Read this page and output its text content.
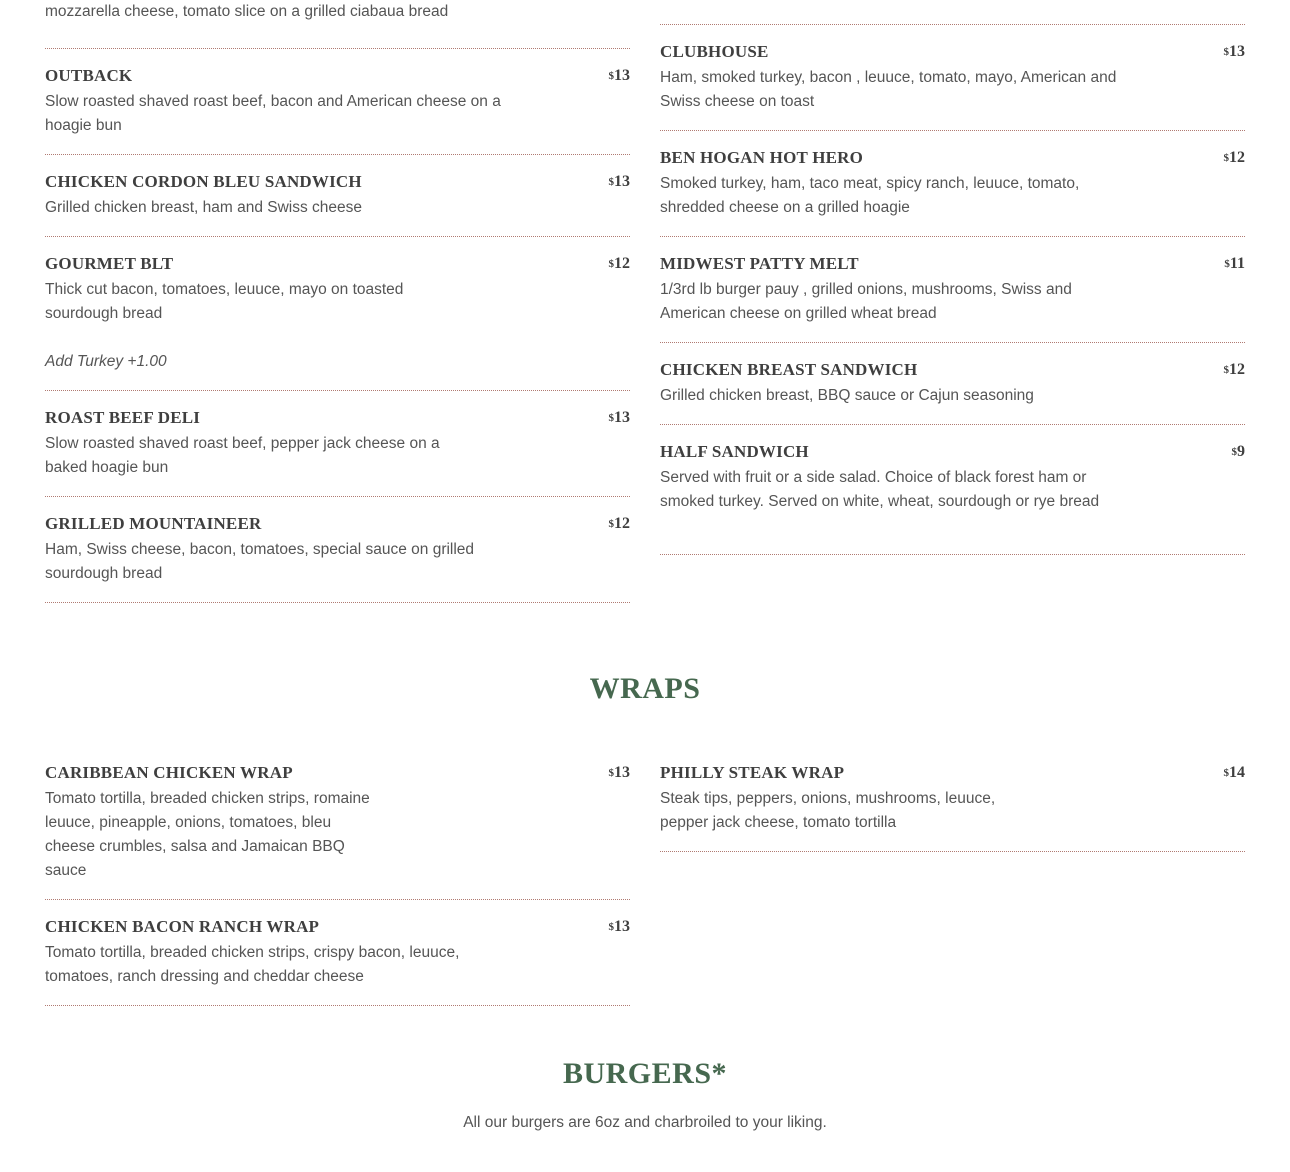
mozzarella cheese, tomato slice on a grilled ciabaua bread
OUTBACK	$13
Slow roasted shaved roast beef, bacon and American cheese on a hoagie bun
CHICKEN CORDON BLEU SANDWICH	$13
Grilled chicken breast, ham and Swiss cheese
GOURMET BLT	$12
Thick cut bacon, tomatoes, leuuce, mayo on toasted sourdough bread
Add Turkey +1.00
ROAST BEEF DELI	$13
Slow roasted shaved roast beef, pepper jack cheese on a baked hoagie bun
GRILLED MOUNTAINEER	$12
Ham, Swiss cheese, bacon, tomatoes, special sauce on grilled sourdough bread
CLUBHOUSE	$13
Ham, smoked turkey, bacon , leuuce, tomato, mayo, American and Swiss cheese on toast
BEN HOGAN HOT HERO	$12
Smoked turkey, ham, taco meat, spicy ranch, leuuce, tomato, shredded cheese on a grilled hoagie
MIDWEST PATTY MELT	$11
1/3rd lb burger pauy , grilled onions, mushrooms, Swiss and American cheese on grilled wheat bread
CHICKEN BREAST SANDWICH	$12
Grilled chicken breast, BBQ sauce or Cajun seasoning
HALF SANDWICH	$9
Served with fruit or a side salad. Choice of black forest ham or smoked turkey. Served on white, wheat, sourdough or rye bread
WRAPS
CARIBBEAN CHICKEN WRAP	$13
Tomato tortilla, breaded chicken strips, romaine leuuce, pineapple, onions, tomatoes, bleu cheese crumbles, salsa and Jamaican BBQ sauce
CHICKEN BACON RANCH WRAP	$13
Tomato tortilla, breaded chicken strips, crispy bacon, leuuce, tomatoes, ranch dressing and cheddar cheese
PHILLY STEAK WRAP	$14
Steak tips, peppers, onions, mushrooms, leuuce, pepper jack cheese, tomato tortilla
BURGERS*
All our burgers are 6oz and charbroiled to your liking.
